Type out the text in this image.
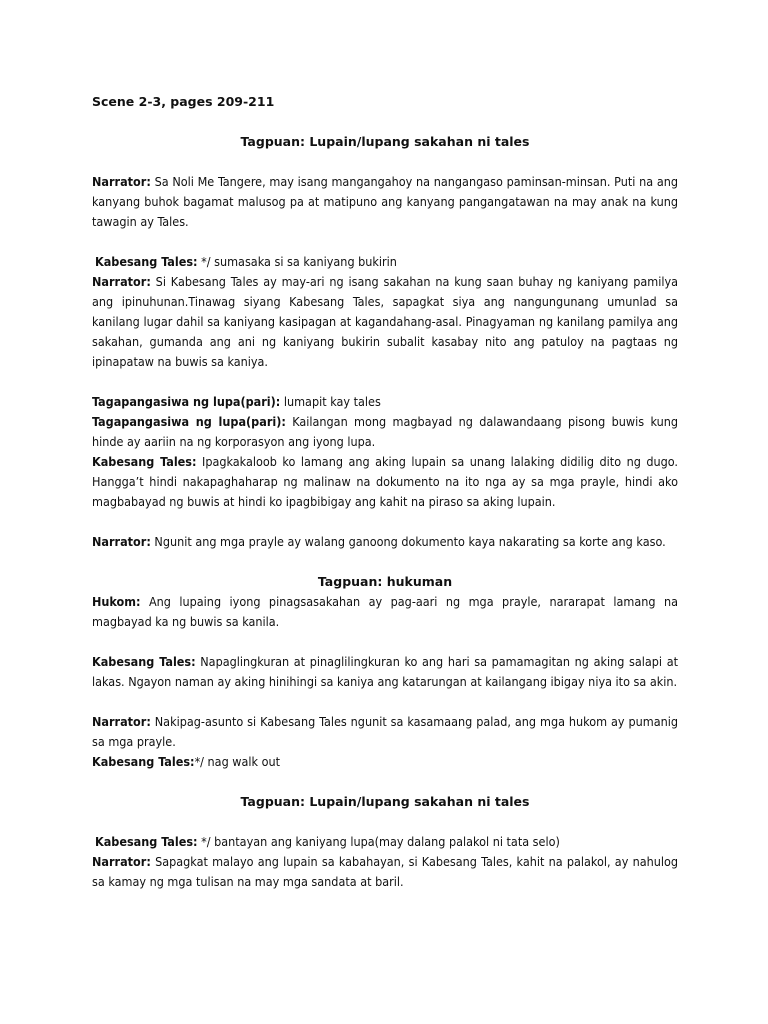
Scene 2-3, pages 209-211

Tagpuan: Lupain/lupang sakahan ni tales

Narrator: Sa Noli Me Tangere, may isang mangangahoy na nangangaso paminsan-minsan. Puti na ang kanyang buhok bagamat malusog pa at matipuno ang kanyang pangangatawan na may anak na kung tawagin ay Tales.

Kabesang Tales: */ sumasaka si sa kaniyang bukirin

Narrator: Si Kabesang Tales ay may-ari ng isang sakahan na kung saan buhay ng kaniyang pamilya ang ipinuhunan.Tinawag siyang Kabesang Tales, sapagkat siya ang nangungunang umunlad sa kanilang lugar dahil sa kaniyang kasipagan at kagandahang-asal. Pinagyaman ng kanilang pamilya ang sakahan, gumanda ang ani ng kaniyang bukirin subalit kasabay nito ang patuloy na pagtaas ng ipinapataw na buwis sa kaniya.

Tagapangasiwa ng lupa(pari): lumapit kay tales

Tagapangasiwa ng lupa(pari): Kailangan mong magbayad ng dalawandaang pisong buwis kung hinde ay aariin na ng korporasyon ang iyong lupa.

Kabesang Tales: Ipagkakaloob ko lamang ang aking lupain sa unang lalaking didilig dito ng dugo. Hangga’t hindi nakapaghaharap ng malinaw na dokumento na ito nga ay sa mga prayle, hindi ako magbabayad ng buwis at hindi ko ipagbibigay ang kahit na piraso sa aking lupain.

Narrator: Ngunit ang mga prayle ay walang ganoong dokumento kaya nakarating sa korte ang kaso.

Tagpuan: hukuman

Hukom: Ang lupaing iyong pinagsasakahan ay pag-aari ng mga prayle, nararapat lamang na magbayad ka ng buwis sa kanila.

Kabesang Tales: Napaglingkuran at pinaglilingkuran ko ang hari sa pamamagitan ng aking salapi at lakas. Ngayon naman ay aking hinihingi sa kaniya ang katarungan at kailangang ibigay niya ito sa akin.

Narrator: Nakipag-asunto si Kabesang Tales ngunit sa kasamaang palad, ang mga hukom ay pumanig sa mga prayle.

Kabesang Tales:*/ nag walk out

Tagpuan: Lupain/lupang sakahan ni tales

Kabesang Tales: */ bantayan ang kaniyang lupa(may dalang palakol ni tata selo)

Narrator: Sapagkat malayo ang lupain sa kabahayan, si Kabesang Tales, kahit na palakol, ay nahulog sa kamay ng mga tulisan na may mga sandata at baril.
